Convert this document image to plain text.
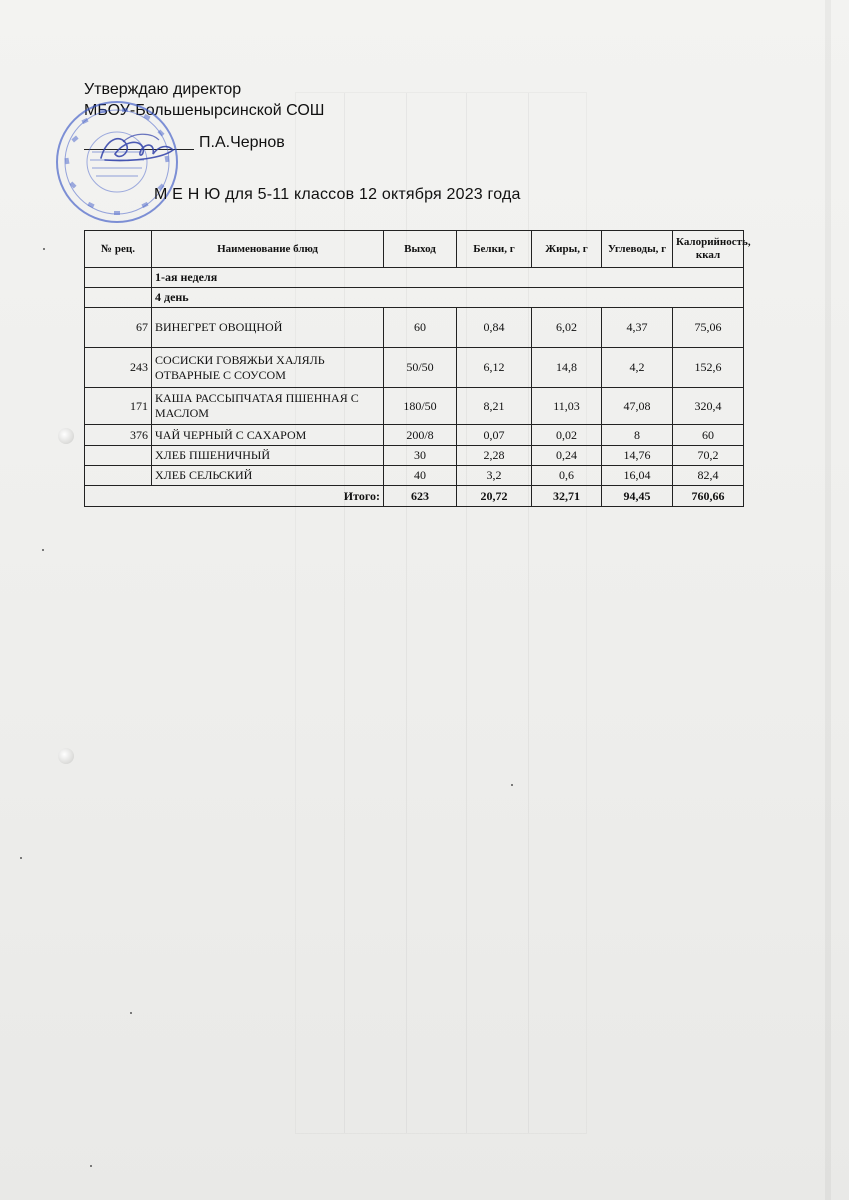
Утверждаю директор
МБОУ-Большенырсинской СОШ
П.А.Чернов
М Е Н Ю для 5-11 классов 12 октября 2023 года
№ рец.	Наименование блюд	Выход	Белки, г	Жиры, г	Углеводы, г	Калорийность, ккал
	1-ая неделя					
	4 день					
67	ВИНЕГРЕТ ОВОЩНОЙ	60	0,84	6,02	4,37	75,06
243	СОСИСКИ ГОВЯЖЬИ ХАЛЯЛЬ ОТВАРНЫЕ С СОУСОМ	50/50	6,12	14,8	4,2	152,6
171	КАША РАССЫПЧАТАЯ ПШЕННАЯ С МАСЛОМ	180/50	8,21	11,03	47,08	320,4
376	ЧАЙ ЧЕРНЫЙ С САХАРОМ	200/8	0,07	0,02	8	60
	ХЛЕБ ПШЕНИЧНЫЙ	30	2,28	0,24	14,76	70,2
	ХЛЕБ СЕЛЬСКИЙ	40	3,2	0,6	16,04	82,4
Итого:		623	20,72	32,71	94,45	760,66
